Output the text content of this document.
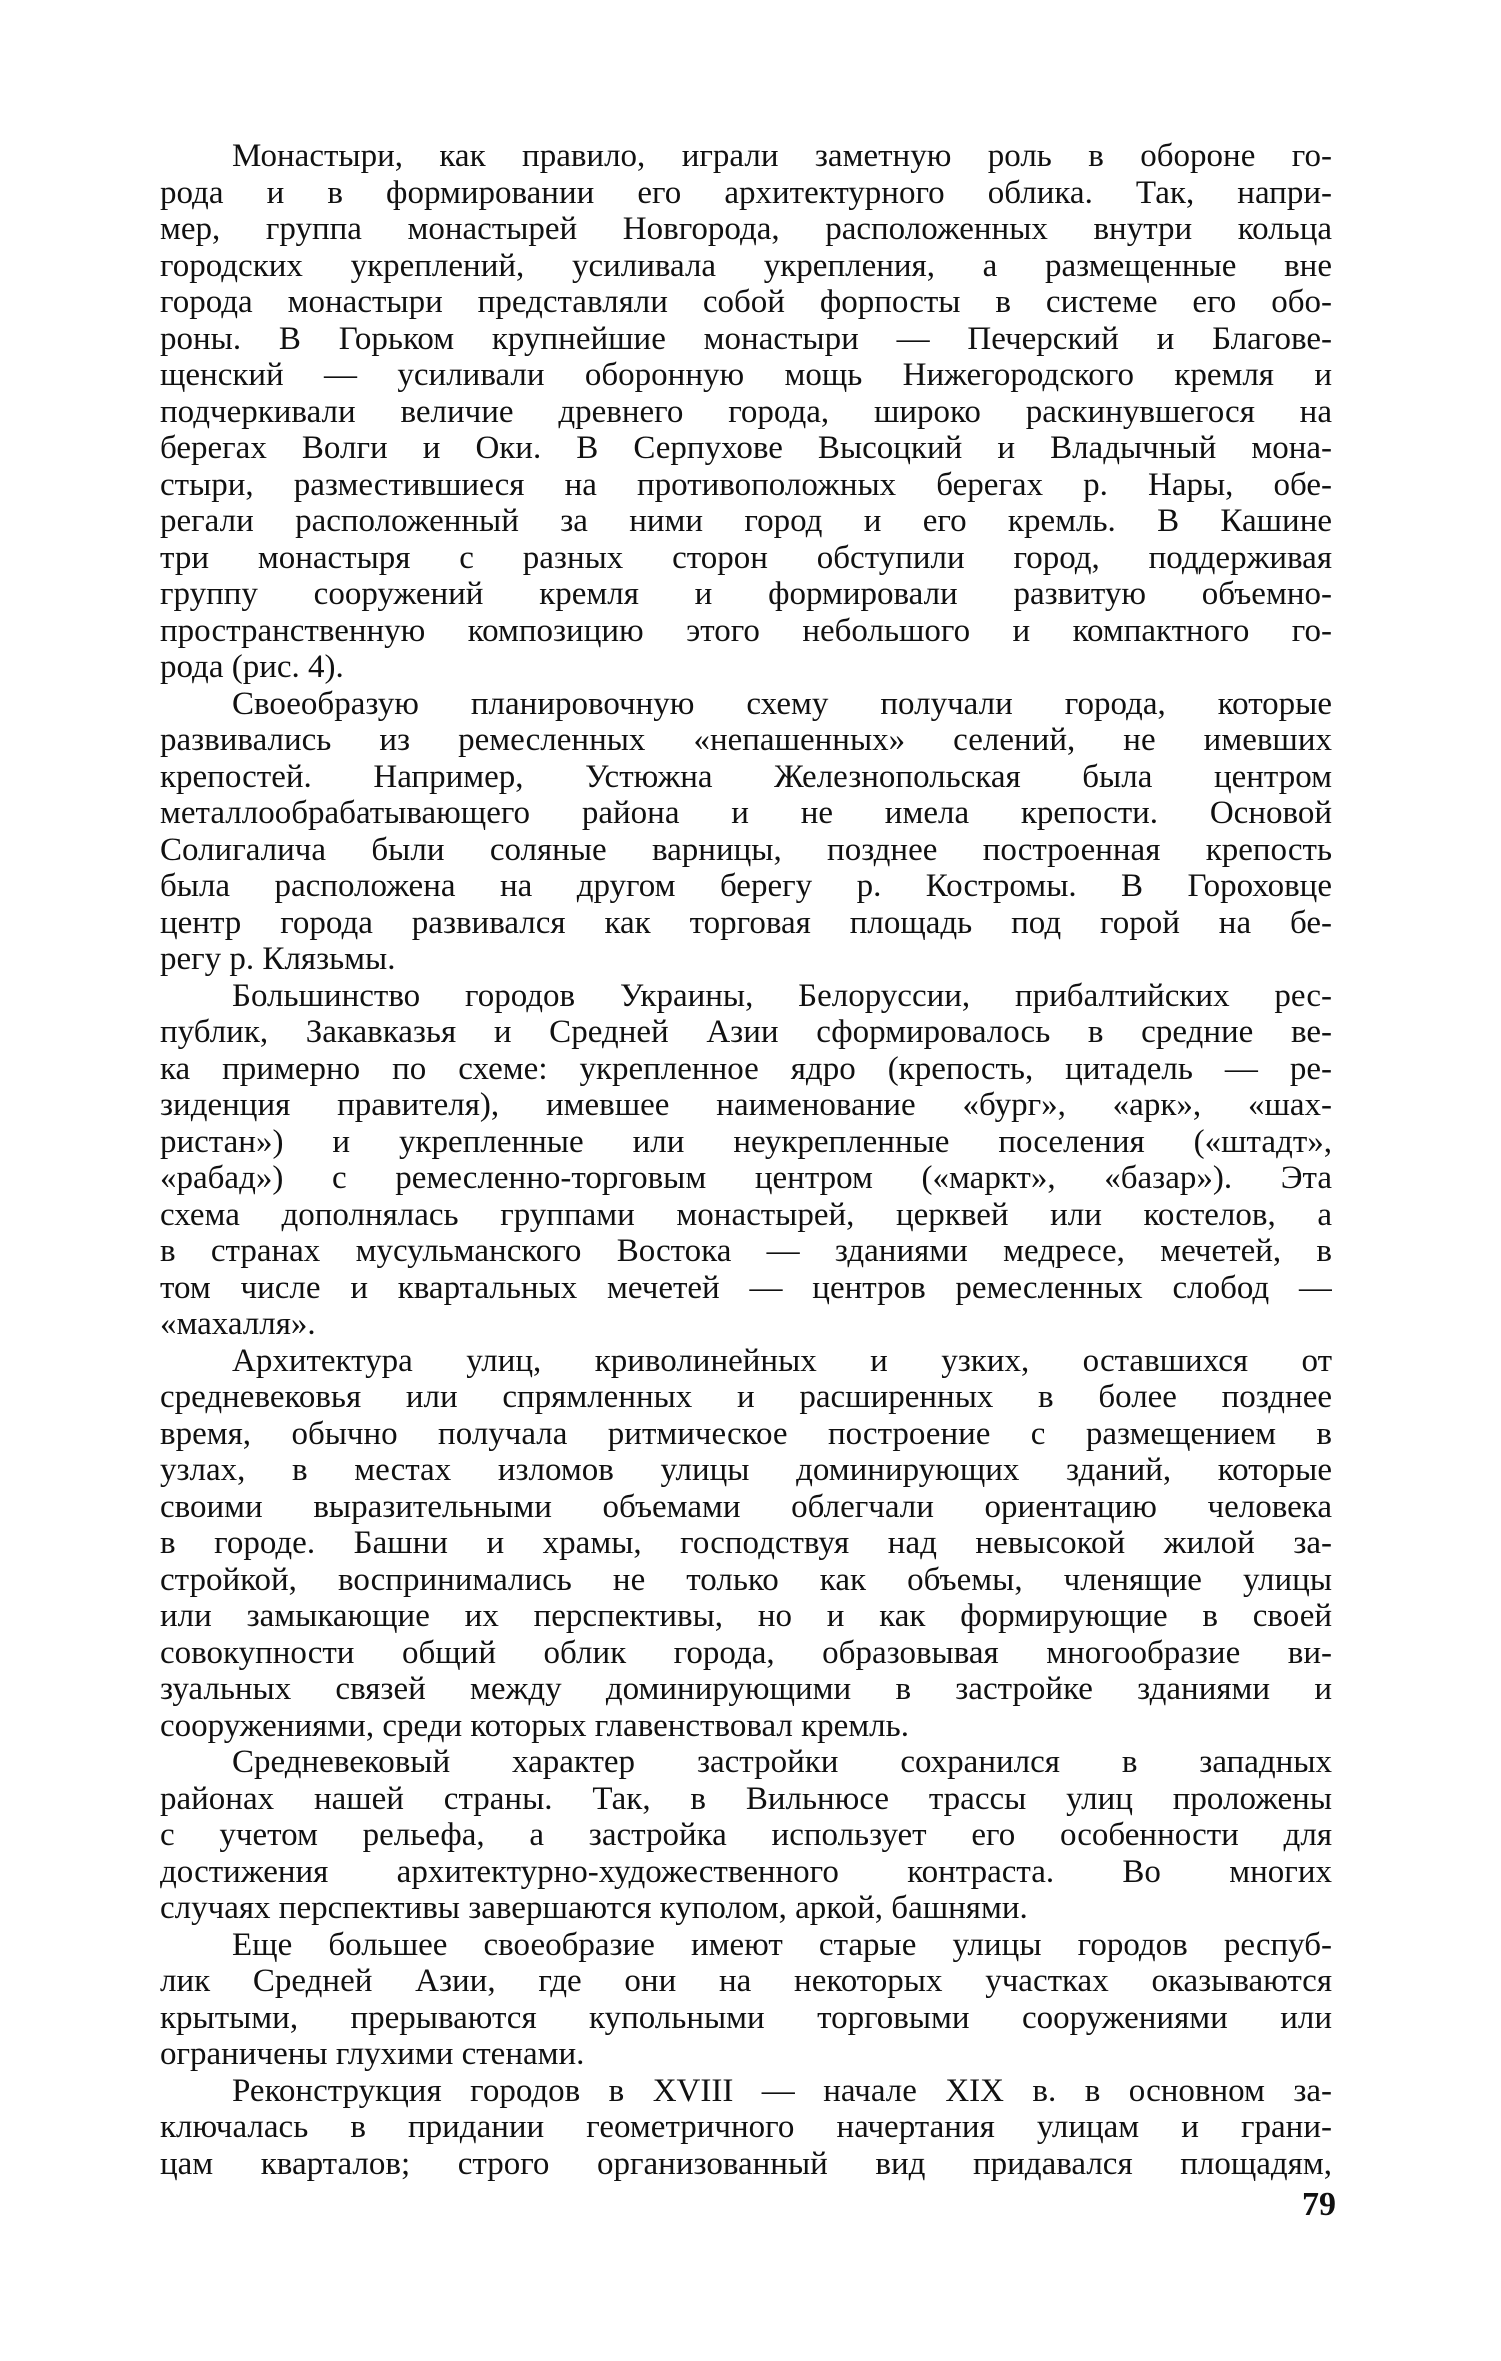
Монастыри, как правило, играли заметную роль в обороне го-
рода и в формировании его архитектурного облика. Так, напри-
мер, группа монастырей Новгорода, расположенных внутри кольца
городских укреплений, усиливала укрепления, а размещенные вне
города монастыри представляли собой форпосты в системе его обо-
роны. В Горьком крупнейшие монастыри — Печерский и Благове-
щенский — усиливали оборонную мощь Нижегородского кремля и
подчеркивали величие древнего города, широко раскинувшегося на
берегах Волги и Оки. В Серпухове Высоцкий и Владычный мона-
стыри, разместившиеся на противоположных берегах р. Нары, обе-
регали расположенный за ними город и его кремль. В Кашине
три монастыря с разных сторон обступили город, поддерживая
группу сооружений кремля и формировали развитую объемно-
пространственную композицию этого небольшого и компактного го-
рода (рис. 4).
Своеобразую планировочную схему получали города, которые
развивались из ремесленных «непашенных» селений, не имевших
крепостей. Например, Устюжна Железнопольская была центром
металлообрабатывающего района и не имела крепости. Основой
Солигалича были соляные варницы, позднее построенная крепость
была расположена на другом берегу р. Костромы. В Гороховце
центр города развивался как торговая площадь под горой на бе-
регу р. Клязьмы.
Большинство городов Украины, Белоруссии, прибалтийских рес-
публик, Закавказья и Средней Азии сформировалось в средние ве-
ка примерно по схеме: укрепленное ядро (крепость, цитадель — ре-
зиденция правителя), имевшее наименование «бург», «арк», «шах-
ристан») и укрепленные или неукрепленные поселения («штадт»,
«рабад») с ремесленно-торговым центром («маркт», «базар»). Эта
схема дополнялась группами монастырей, церквей или костелов, а
в странах мусульманского Востока — зданиями медресе, мечетей, в
том числе и квартальных мечетей — центров ремесленных слобод —
«махалля».
Архитектура улиц, криволинейных и узких, оставшихся от
средневековья или спрямленных и расширенных в более позднее
время, обычно получала ритмическое построение с размещением в
узлах, в местах изломов улицы доминирующих зданий, которые
своими выразительными объемами облегчали ориентацию человека
в городе. Башни и храмы, господствуя над невысокой жилой за-
стройкой, воспринимались не только как объемы, членящие улицы
или замыкающие их перспективы, но и как формирующие в своей
совокупности общий облик города, образовывая многообразие ви-
зуальных связей между доминирующими в застройке зданиями и
сооружениями, среди которых главенствовал кремль.
Средневековый характер застройки сохранился в западных
районах нашей страны. Так, в Вильнюсе трассы улиц проложены
с учетом рельефа, а застройка использует его особенности для
достижения архитектурно-художественного контраста. Во многих
случаях перспективы завершаются куполом, аркой, башнями.
Еще большее своеобразие имеют старые улицы городов респуб-
лик Средней Азии, где они на некоторых участках оказываются
крытыми, прерываются купольными торговыми сооружениями или
ограничены глухими стенами.
Реконструкция городов в XVIII — начале XIX в. в основном за-
ключалась в придании геометричного начертания улицам и грани-
цам кварталов; строго организованный вид придавался площадям,
79
